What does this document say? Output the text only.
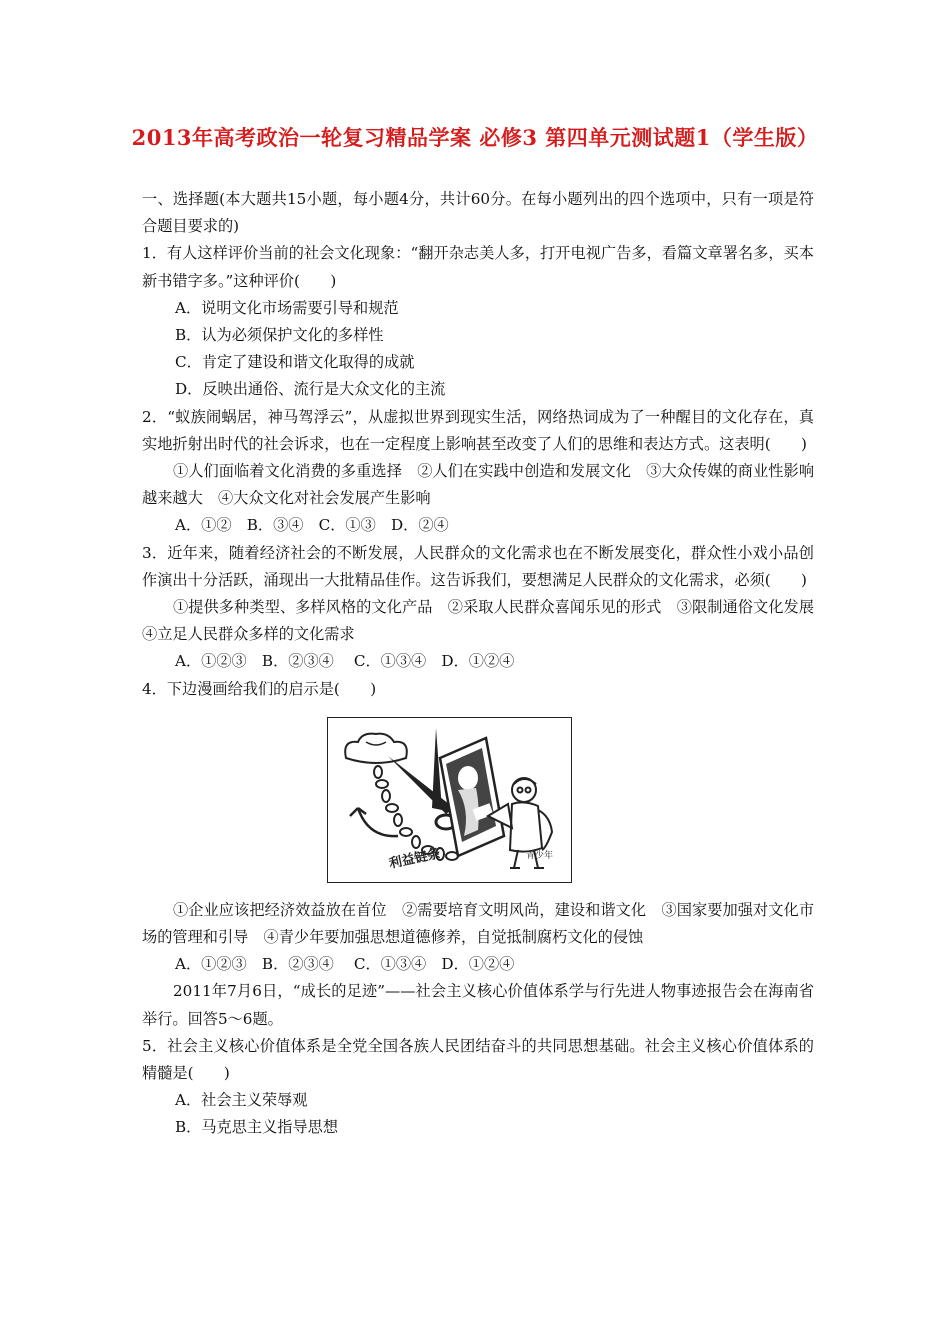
2013年高考政治一轮复习精品学案 必修3 第四单元测试题1（学生版）

一、选择题(本大题共15小题，每小题4分，共计60分。在每小题列出的四个选项中，只有一项是符合题目要求的)

1．有人这样评价当前的社会文化现象：“翻开杂志美人多，打开电视广告多，看篇文章署名多，买本新书错字多。”这种评价(　　)

A．说明文化市场需要引导和规范

B．认为必须保护文化的多样性

C．肯定了建设和谐文化取得的成就

D．反映出通俗、流行是大众文化的主流

2．“蚁族闹蜗居，神马驾浮云”，从虚拟世界到现实生活，网络热词成为了一种醒目的文化存在，真实地折射出时代的社会诉求，也在一定程度上影响甚至改变了人们的思维和表达方式。这表明(　　)

①人们面临着文化消费的多重选择　②人们在实践中创造和发展文化　③大众传媒的商业性影响越来越大　④大众文化对社会发展产生影响

A．①②　B．③④　C．①③　D．②④

3．近年来，随着经济社会的不断发展，人民群众的文化需求也在不断发展变化，群众性小戏小品创作演出十分活跃，涌现出一大批精品佳作。这告诉我们，要想满足人民群众的文化需求，必须(　　)

①提供多种类型、多样风格的文化产品　②采取人民群众喜闻乐见的形式　③限制通俗文化发展　④立足人民群众多样的文化需求

A．①②③　B．②③④　 C．①③④　D．①②④

4．下边漫画给我们的启示是(　　)

利益链条	青少年

①企业应该把经济效益放在首位　②需要培育文明风尚，建设和谐文化　③国家要加强对文化市场的管理和引导　④青少年要加强思想道德修养，自觉抵制腐朽文化的侵蚀

A．①②③　B．②③④　 C．①③④　D．①②④

2011年7月6日，“成长的足迹”——社会主义核心价值体系学与行先进人物事迹报告会在海南省举行。回答5～6题。

5．社会主义核心价值体系是全党全国各族人民团结奋斗的共同思想基础。社会主义核心价值体系的精髓是(　　)

A．社会主义荣辱观

B．马克思主义指导思想
